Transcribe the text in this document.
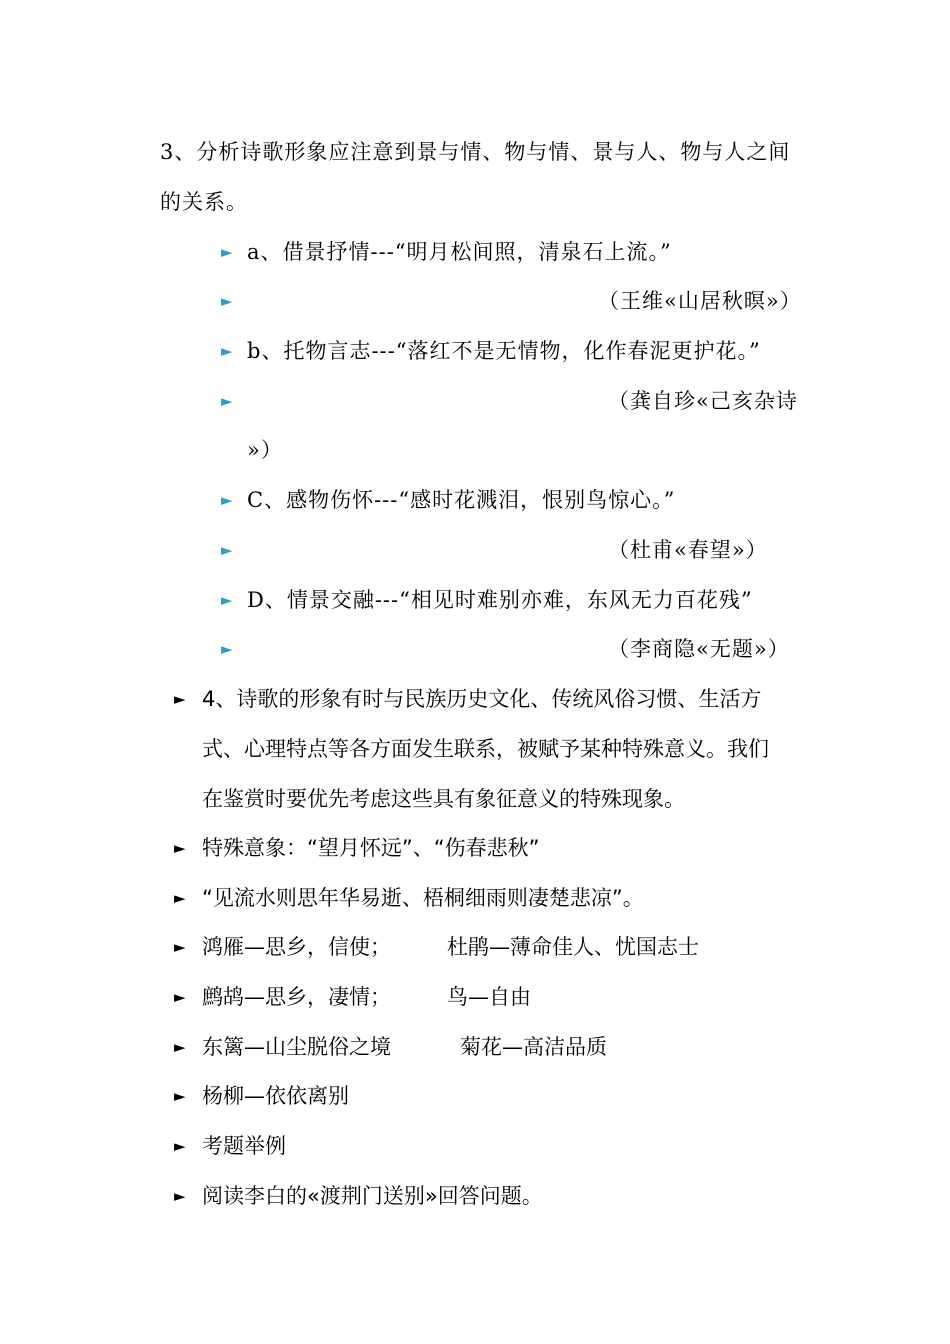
3、分析诗歌形象应注意到景与情、物与情、景与人、物与人之间
的关系。
► a、借景抒情---“明月松间照，清泉石上流。”
►	（王维«山居秋暝»）
► b、托物言志---“落红不是无情物，化作春泥更护花。”
►	（龚自珍«己亥杂诗
»）
► C、感物伤怀---“感时花溅泪，恨别鸟惊心。”
►	（杜甫«春望»）
► D、情景交融---“相见时难别亦难，东风无力百花残”
►	（李商隐«无题»）
► 4、诗歌的形象有时与民族历史文化、传统风俗习惯、生活方
式、心理特点等各方面发生联系，被赋予某种特殊意义。我们
在鉴赏时要优先考虑这些具有象征意义的特殊现象。
► 特殊意象：“望月怀远”、“伤春悲秋”
► “见流水则思年华易逝、梧桐细雨则凄楚悲凉”。
► 鸿雁—思乡，信使；	杜鹃—薄命佳人、忧国志士
► 鹧鸪—思乡，凄情；	鸟—自由
► 东篱—山尘脱俗之境	菊花—高洁品质
► 杨柳—依依离别
► 考题举例
► 阅读李白的«渡荆门送别»回答问题。
